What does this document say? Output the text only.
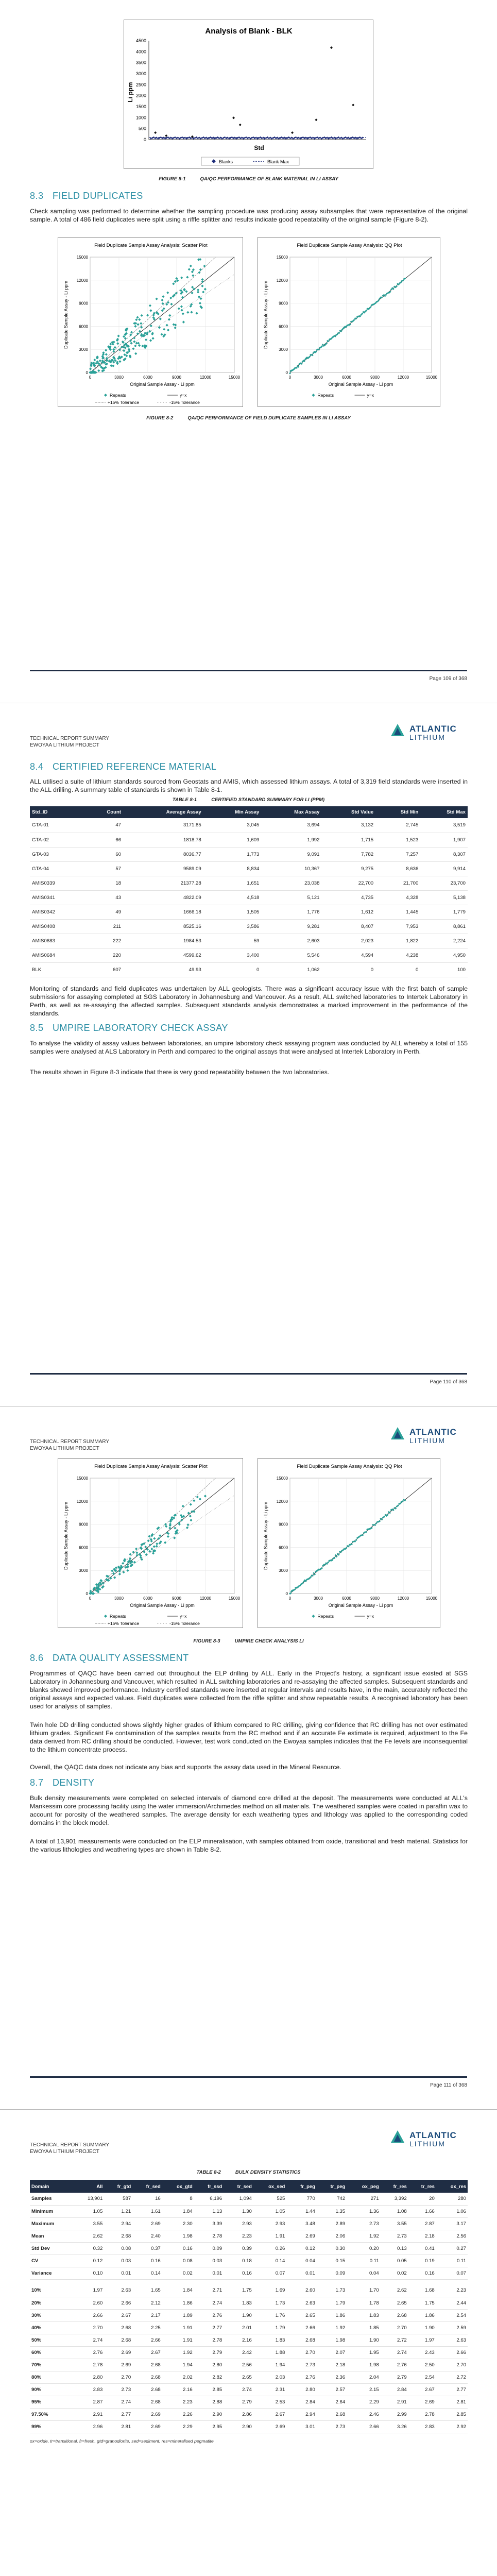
Analysis of Blank - BLK
Li ppm
Std
0
500
1000
1500
2000
2500
3000
3500
4000
4500
Blanks	Blank Max
FIGURE 8-1	QA/QC PERFORMANCE OF BLANK MATERIAL IN LI ASSAY
8.3 FIELD DUPLICATES
Check sampling was performed to determine whether the sampling procedure was producing assay subsamples that were representative of the original sample. A total of 486 field duplicates were split using a riffle splitter and results indicate good repeatability of the original sample (Figure 8-2).
Field Duplicate Sample Assay Analysis: Scatter Plot
0
0
3000
3000
6000
6000
9000
9000
12000
12000
15000
15000
Original Sample Assay - Li ppm
Duplicate Sample Assay - Li ppm
Repeats	y=x
+15% Tolerance	-15% Tolerance
Field Duplicate Sample Assay Analysis: QQ Plot
0
0
3000
3000
6000
6000
9000
9000
12000
12000
15000
15000
Original Sample Assay - Li ppm
Duplicate Sample Assay - Li ppm
Repeats	y=x
FIGURE 8-2	QA/QC PERFORMANCE OF FIELD DUPLICATE SAMPLES IN LI ASSAY
Page 109 of 368
TECHNICAL REPORT SUMMARY
EWOYAA LITHIUM PROJECT
ATLANTIC
LITHIUM
8.4 CERTIFIED REFERENCE MATERIAL
ALL utilised a suite of lithium standards sourced from Geostats and AMIS, which assessed lithium assays. A total of 3,319 field standards were inserted in the ALL drilling. A summary table of standards is shown in Table 8-1.
TABLE 8-1	CERTIFIED STANDARD SUMMARY FOR LI (PPM)
Std_ID	Count	Average Assay	Min Assay	Max Assay	Std Value	Std Min	Std Max
GTA-01	47	3171.85	3,045	3,694	3,132	2,745	3,519
GTA-02	66	1818.78	1,609	1,992	1,715	1,523	1,907
GTA-03	60	8036.77	1,773	9,091	7,782	7,257	8,307
GTA-04	57	9589.09	8,834	10,367	9,275	8,636	9,914
AMIS0339	18	21377.28	1,651	23,038	22,700	21,700	23,700
AMIS0341	43	4822.09	4,518	5,121	4,735	4,328	5,138
AMIS0342	49	1666.18	1,505	1,776	1,612	1,445	1,779
AMIS0408	211	8525.16	3,586	9,281	8,407	7,953	8,861
AMIS0683	222	1984.53	59	2,603	2,023	1,822	2,224
AMIS0684	220	4599.62	3,400	5,546	4,594	4,238	4,950
BLK	607	49.93	0	1,062	0	0	100
Monitoring of standards and field duplicates was undertaken by ALL geologists. There was a significant accuracy issue with the first batch of sample submissions for assaying completed at SGS Laboratory in Johannesburg and Vancouver. As a result, ALL switched laboratories to Intertek Laboratory in Perth, as well as re-assaying the affected samples. Subsequent standards analysis demonstrates a marked improvement in the performance of the standards.
8.5 UMPIRE LABORATORY CHECK ASSAY
To analyse the validity of assay values between laboratories, an umpire laboratory check assaying program was conducted by ALL whereby a total of 155 samples were analysed at ALS Laboratory in Perth and compared to the original assays that were analysed at Intertek Laboratory in Perth.
The results shown in Figure 8-3 indicate that there is very good repeatability between the two laboratories.
Page 110 of 368
TECHNICAL REPORT SUMMARY
EWOYAA LITHIUM PROJECT
ATLANTIC
LITHIUM
Field Duplicate Sample Assay Analysis: Scatter Plot
0
0
3000
3000
6000
6000
9000
9000
12000
12000
15000
15000
Original Sample Assay - Li ppm
Duplicate Sample Assay - Li ppm
Repeats	y=x
+15% Tolerance	-15% Tolerance
Field Duplicate Sample Assay Analysis: QQ Plot
0
0
3000
3000
6000
6000
9000
9000
12000
12000
15000
15000
Original Sample Assay - Li ppm
Duplicate Sample Assay - Li ppm
Repeats	y=x
FIGURE 8-3	UMPIRE CHECK ANALYSIS LI
8.6 DATA QUALITY ASSESSMENT
Programmes of QAQC have been carried out throughout the ELP drilling by ALL. Early in the Project's history, a significant issue existed at SGS Laboratory in Johannesburg and Vancouver, which resulted in ALL switching laboratories and re-assaying the affected samples. Subsequent standards and blanks showed improved performance. Industry certified standards were inserted at regular intervals and results have, in the main, accurately reflected the original assays and expected values. Field duplicates were collected from the riffle splitter and show repeatable results. A recognised laboratory has been used for analysis of samples.
Twin hole DD drilling conducted shows slightly higher grades of lithium compared to RC drilling, giving confidence that RC drilling has not over estimated lithium grades. Significant Fe contamination of the samples results from the RC method and if an accurate Fe estimate is required, adjustment to the Fe data derived from RC drilling should be conducted. However, test work conducted on the Ewoyaa samples indicates that the Fe levels are inconsequential to the lithium concentrate process.
Overall, the QAQC data does not indicate any bias and supports the assay data used in the Mineral Resource.
8.7 DENSITY
Bulk density measurements were completed on selected intervals of diamond core drilled at the deposit. The measurements were conducted at ALL's Mankessim core processing facility using the water immersion/Archimedes method on all materials. The weathered samples were coated in paraffin wax to account for porosity of the weathered samples. The average density for each weathering types and lithology was applied to the corresponding coded domains in the block model.
A total of 13,901 measurements were conducted on the ELP mineralisation, with samples obtained from oxide, transitional and fresh material. Statistics for the various lithologies and weathering types are shown in Table 8-2.
Page 111 of 368
TECHNICAL REPORT SUMMARY
EWOYAA LITHIUM PROJECT
ATLANTIC
LITHIUM
TABLE 8-2	BULK DENSITY STATISTICS
Domain	All	fr_gtd	fr_sed	ox_gtd	fr_ssd	tr_sed	ox_sed	fr_peg	tr_peg	ox_peg	fr_res	tr_res	ox_res
Samples	13,901	587	16	8	6,196	1,094	525	770	742	271	3,392	20	280
Minimum	1.05	1.21	1.61	1.84	1.13	1.30	1.05	1.44	1.35	1.36	1.08	1.66	1.06
Maximum	3.55	2.94	2.69	2.30	3.39	2.93	2.93	3.48	2.89	2.73	3.55	2.87	3.17
Mean	2.62	2.68	2.40	1.98	2.78	2.23	1.91	2.69	2.06	1.92	2.73	2.18	2.56
Std Dev	0.32	0.08	0.37	0.16	0.09	0.39	0.26	0.12	0.30	0.20	0.13	0.41	0.27
CV	0.12	0.03	0.16	0.08	0.03	0.18	0.14	0.04	0.15	0.11	0.05	0.19	0.11
Variance	0.10	0.01	0.14	0.02	0.01	0.16	0.07	0.01	0.09	0.04	0.02	0.16	0.07

10%	1.97	2.63	1.65	1.84	2.71	1.75	1.69	2.60	1.73	1.70	2.62	1.68	2.23
20%	2.60	2.66	2.12	1.86	2.74	1.83	1.73	2.63	1.79	1.78	2.65	1.75	2.44
30%	2.66	2.67	2.17	1.89	2.76	1.90	1.76	2.65	1.86	1.83	2.68	1.86	2.54
40%	2.70	2.68	2.25	1.91	2.77	2.01	1.79	2.66	1.92	1.85	2.70	1.90	2.59
50%	2.74	2.68	2.66	1.91	2.78	2.16	1.83	2.68	1.98	1.90	2.72	1.97	2.63
60%	2.76	2.69	2.67	1.92	2.79	2.42	1.88	2.70	2.07	1.95	2.74	2.43	2.66
70%	2.78	2.69	2.68	1.94	2.80	2.56	1.94	2.73	2.18	1.98	2.76	2.50	2.70
80%	2.80	2.70	2.68	2.02	2.82	2.65	2.03	2.76	2.36	2.04	2.79	2.54	2.72
90%	2.83	2.73	2.68	2.16	2.85	2.74	2.31	2.80	2.57	2.15	2.84	2.67	2.77
95%	2.87	2.74	2.68	2.23	2.88	2.79	2.53	2.84	2.64	2.29	2.91	2.69	2.81
97.50%	2.91	2.77	2.69	2.26	2.90	2.86	2.67	2.94	2.68	2.46	2.99	2.78	2.85
99%	2.96	2.81	2.69	2.29	2.95	2.90	2.69	3.01	2.73	2.66	3.26	2.83	2.92
ox=oxide, tr=transitional, fr=fresh, gtd=granodiorite, sed=sediment, res=mineralised pegmatite
